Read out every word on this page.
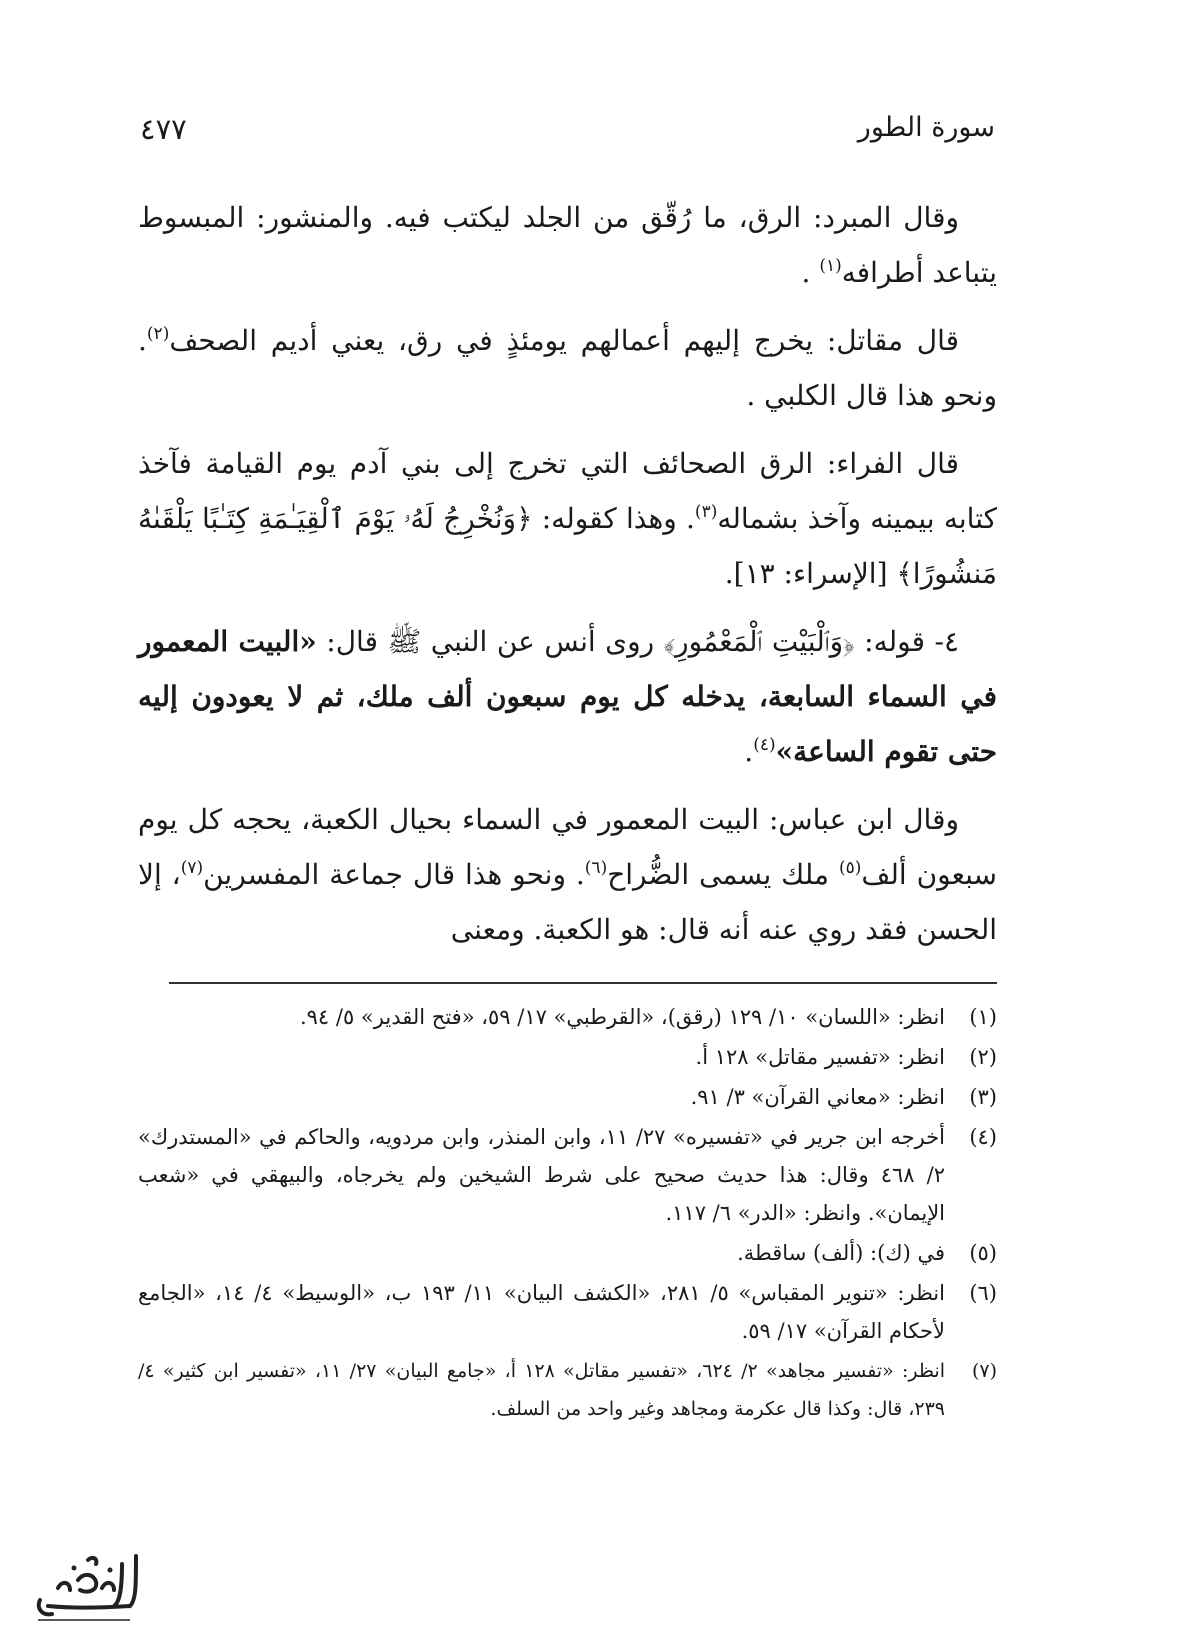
سورة الطور
٤٧٧

وقال المبرد: الرق، ما رُقّق من الجلد ليكتب فيه. والمنشور: المبسوط يتباعد أطرافه$^{(١)}$ .

قال مقاتل: يخرج إليهم أعمالهم يومئذٍ في رق، يعني أديم الصحف$^{(٢)}$. ونحو هذا قال الكلبي .

قال الفراء: الرق الصحائف التي تخرج إلى بني آدم يوم القيامة فآخذ كتابه بيمينه وآخذ بشماله$^{(٣)}$. وهذا كقوله: ﴿وَنُخْرِجُ لَهُۥ يَوْمَ ٱلْقِيَـٰمَةِ كِتَـٰبًا يَلْقَىٰهُ مَنشُورًا﴾ [الإسراء: ١٣].

٤- قوله: ﴿وَٱلْبَيْتِ ٱلْمَعْمُورِ﴾ روى أنس عن النبي ﷺ قال: «البيت المعمور في السماء السابعة، يدخله كل يوم سبعون ألف ملك، ثم لا يعودون إليه حتى تقوم الساعة»$^{(٤)}$.

وقال ابن عباس: البيت المعمور في السماء بحيال الكعبة، يحجه كل يوم سبعون ألف$^{(٥)}$ ملك يسمى الضُّراح$^{(٦)}$. ونحو هذا قال جماعة المفسرين$^{(٧)}$، إلا الحسن فقد روي عنه أنه قال: هو الكعبة. ومعنى

(١)
انظر: «اللسان» ١٠/ ١٢٩ (رقق)، «القرطبي» ١٧/ ٥٩، «فتح القدير» ٥/ ٩٤.
(٢)
انظر: «تفسير مقاتل» ١٢٨ أ.
(٣)
انظر: «معاني القرآن» ٣/ ٩١.
(٤)
أخرجه ابن جرير في «تفسيره» ٢٧/ ١١، وابن المنذر، وابن مردويه، والحاكم في «المستدرك» ٢/ ٤٦٨ وقال: هذا حديث صحيح على شرط الشيخين ولم يخرجاه، والبيهقي في «شعب الإيمان». وانظر: «الدر» ٦/ ١١٧.
(٥)
في (ك): (ألف) ساقطة.
(٦)
انظر: «تنوير المقباس» ٥/ ٢٨١، «الكشف البيان» ١١/ ١٩٣ ب، «الوسيط» ٤/ ١٤، «الجامع لأحكام القرآن» ١٧/ ٥٩.
(٧)
انظر: «تفسير مجاهد» ٢/ ٦٢٤، «تفسير مقاتل» ١٢٨ أ، «جامع البيان» ٢٧/ ١١، «تفسير ابن كثير» ٤/ ٢٣٩، قال: وكذا قال عكرمة ومجاهد وغير واحد من السلف.
